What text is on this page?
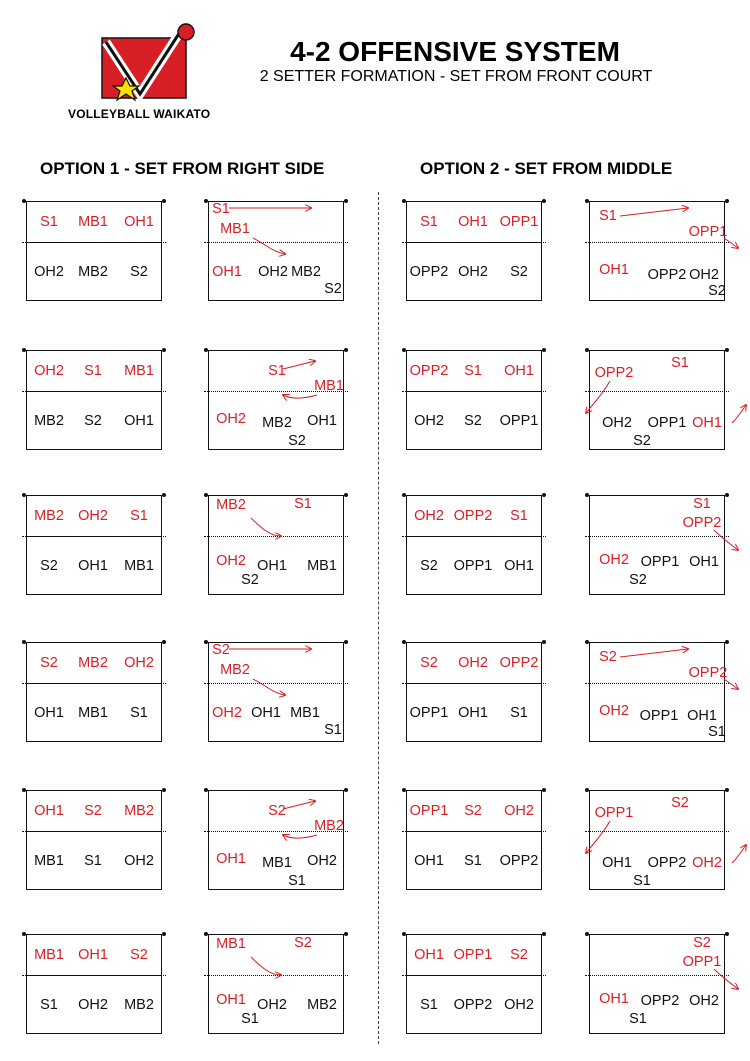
VOLLEYBALL WAIKATO
4-2 OFFENSIVE SYSTEM
2 SETTER FORMATION - SET FROM FRONT COURT
OPTION 1 - SET FROM RIGHT SIDE	OPTION 2 - SET FROM MIDDLE
S1 MB1 OH1
OH2 MB2 S2
S1
MB1
OH1 OH2 MB2
S2
OH2 S1 MB1
MB2 S2 OH1
S1
MB1
OH2 MB2 OH1
S2
MB2 OH2 S1
S2 OH1 MB1
MB2	S1
OH2 OH1 MB1
S2
S2 MB2 OH2
OH1 MB1 S1
S2
MB2
OH2 OH1 MB1
S1
OH1 S2 MB2
MB1 S1 OH2
S2
MB2
OH1 MB1 OH2
S1
MB1 OH1 S2
S1 OH2 MB2
MB1	S2
OH1 OH2 MB2
S1
S1 OH1 OPP1
OPP2 OH2 S2
S1
OPP1
OH1 OPP2 OH2
S2
OPP2 S1 OH1
OH2 S2 OPP1
S1
OPP2
OH1
OH2 OPP1
S2
OH2 OPP2 S1
S2 OPP1 OH1
S1
OPP2
OH2 OPP1 OH1
S2
S2 OH2 OPP2
OPP1 OH1 S1
S2
OPP2
OH2 OPP1 OH1
S1
OPP1 S2 OH2
OH1 S1 OPP2
S2
OPP1
OH2
OH1 OPP2
S1
OH1 OPP1 S2
S1 OPP2 OH2
S2
OPP1
OH1 OPP2 OH2
S1
